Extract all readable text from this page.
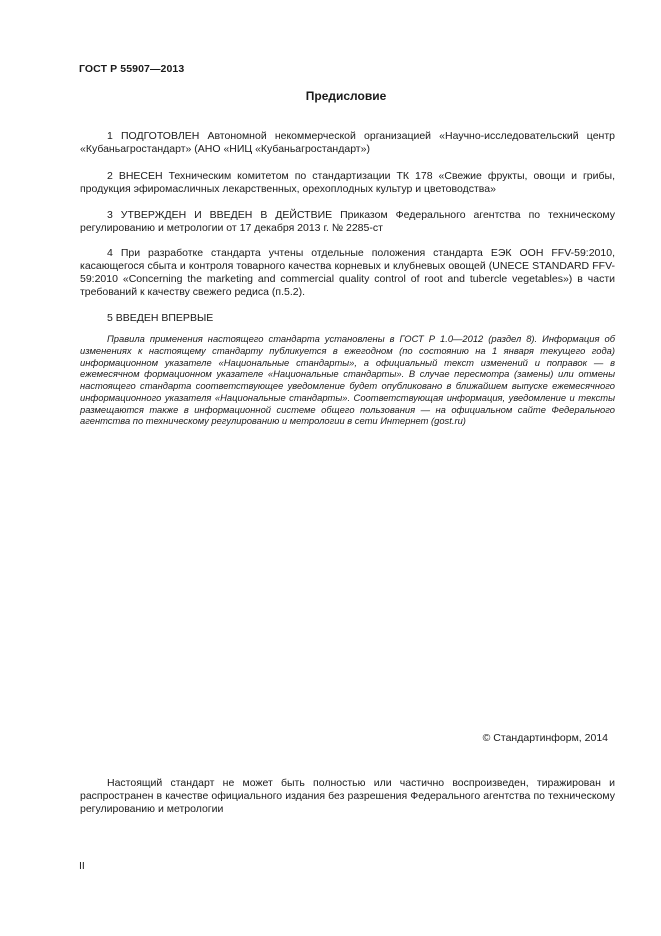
ГОСТ Р 55907—2013
Предисловие

1 ПОДГОТОВЛЕН Автономной некоммерческой организацией «Научно-исследовательский центр «Кубаньагростандарт» (АНО «НИЦ «Кубаньагростандарт»)

2 ВНЕСЕН Техническим комитетом по стандартизации ТК 178 «Свежие фрукты, овощи и грибы, продукция эфиромасличных лекарственных, орехоплодных культур и цветоводства»

3 УТВЕРЖДЕН И ВВЕДЕН В ДЕЙСТВИЕ Приказом Федерального агентства по техническому регулированию и метрологии от 17 декабря 2013 г. № 2285-ст

4 При разработке стандарта учтены отдельные положения стандарта ЕЭК ООН FFV-59:2010, касающегося сбыта и контроля товарного качества корневых и клубневых овощей (UNECE STANDARD FFV-59:2010 «Concerning the marketing and commercial quality control of root and tubercle vegetables») в части требований к качеству свежего редиса (п.5.2).

5 ВВЕДЕН ВПЕРВЫЕ

Правила применения настоящего стандарта установлены в ГОСТ Р 1.0—2012 (раздел 8). Информация об изменениях к настоящему стандарту публикуется в ежегодном (по состоянию на 1 января текущего года) информационном указателе «Национальные стандарты», а официальный текст изменений и поправок — в ежемесячном формационном указателе «Национальные стандарты». В случае пересмотра (замены) или отмены настоящего стандарта соответствующее уведомление будет опубликовано в ближайшем выпуске ежемесячного информационного указателя «Национальные стандарты». Соответствующая информация, уведомление и тексты размещаются также в информационной системе общего пользования — на официальном сайте Федерального агентства по техническому регулированию и метрологии в сети Интернет (gost.ru)

© Стандартинформ, 2014

Настоящий стандарт не может быть полностью или частично воспроизведен, тиражирован и распространен в качестве официального издания без разрешения Федерального агентства по техническому регулированию и метрологии

II
